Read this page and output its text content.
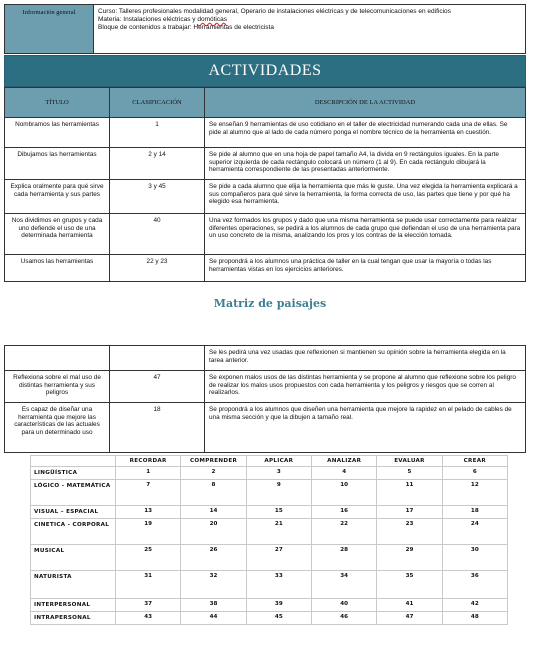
Información general	Curso: Talleres profesionales modalidad general, Operario de instalaciones eléctricas y de telecomunicaciones en edificios
Materia: Instalaciones eléctricas y domóticas
Bloque de contenidos a trabajar: Herramientas de electricista
ACTIVIDADES
TÍTULO	CLASIFICACIÓN	DESCRIPCIÓN DE LA ACTIVIDAD
Nombramos las herramientas	1	Se enseñan 9 herramientas de uso cotidiano en el taller de electricidad numerando cada una de ellas. Se pide al alumno que al lado de cada número ponga el nombre técnico de la herramienta en cuestión.
Dibujamos las herramientas	2 y 14	Se pide al alumno que en una hoja de papel tamaño A4, la divida en 9 rectángulos iguales. En la parte superior izquierda de cada rectángulo colocará un número (1 al 9). En cada rectángulo dibujará la herramienta correspondiente de las presentadas anteriormente.
Explica oralmente para qué sirve cada herramienta y sus partes	3 y 45	Se pide a cada alumno que elija la herramienta que más le guste. Una vez elegida la herramienta explicará a sus compañeros para qué sirve la herramienta, la forma correcta de uso, las partes que tiene y por qué ha elegido esa herramienta.
Nos dividimos en grupos y cada uno defiende el uso de una determinada herramienta	40	Una vez formados los grupos y dado que una misma herramienta se puede usar correctamente para realizar diferentes operaciones, se pedirá a los alumnos de cada grupo que defiendan el uso de una herramienta para un uso concreto de la misma, analizando los pros y los contras de la elección tomada.
Usamos las herramientas	22 y 23	Se propondrá a los alumnos una práctica de taller en la cual tengan que usar la mayoría o todas las herramientas vistas en los ejercicios anteriores.
Matriz de paisajes
		Se les pedirá una vez usadas que reflexionen si mantienen su opinión sobre la herramienta elegida en la tarea anterior.
Reflexiona sobre el mal uso de distintas herramienta y sus peligros	47	Se exponen malos usos de las distintas herramienta y se propone al alumno que reflexione sobre los peligro de realizar los malos usos propuestos con cada herramienta y los peligros y riesgos que se corren al realizarlos.
Es capaz de diseñar una herramienta que mejore las características de las actuales para un determinado uso	18	Se propondrá a los alumnos que diseñen una herramienta que mejore la rapidez en el pelado de cables de una misma sección y que la dibujen a tamaño real.
	RECORDAR	COMPRENDER	APLICAR	ANALIZAR	EVALUAR	CREAR
LINGÜÍSTICA	1	2	3	4	5	6
LÓGICO - MATEMÁTICA	7	8	9	10	11	12
VISUAL – ESPACIAL	13	14	15	16	17	18
CINETICA - CORPORAL	19	20	21	22	23	24
MUSICAL	25	26	27	28	29	30
NATURISTA	31	32	33	34	35	36
INTERPERSONAL	37	38	39	40	41	42
INTRAPERSONAL	43	44	45	46	47	48
